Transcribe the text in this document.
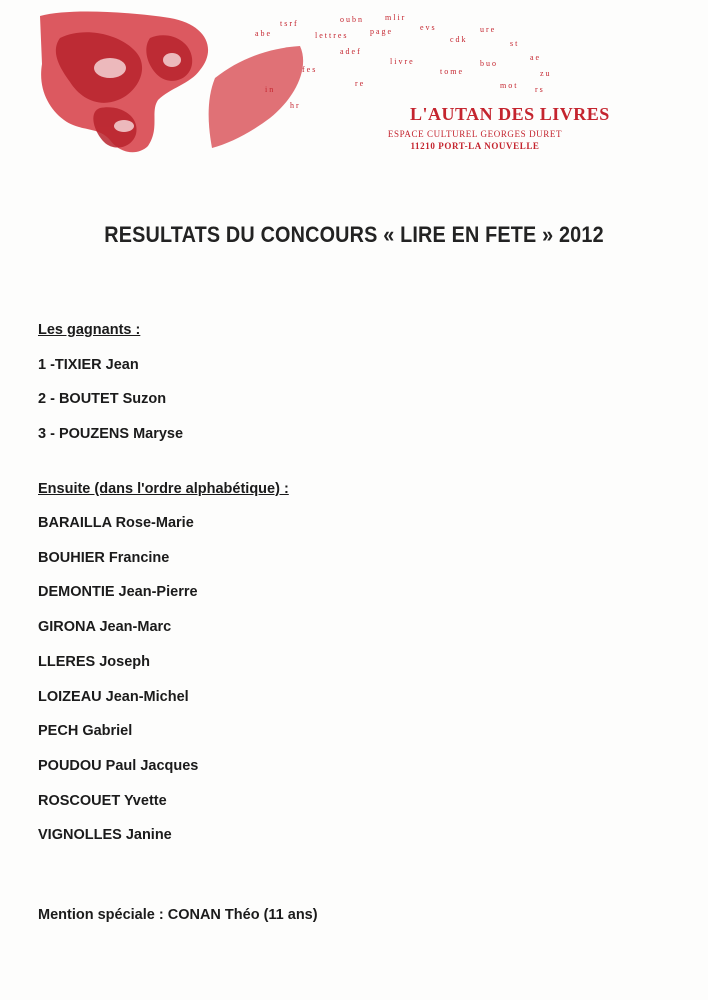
a b e
t s r f
l e t t r e s
o u b n
p a g e
m l i r
e v s
c d k
u r e
s t
a e
z u
r s
a d e f
l i v r e
t o m e
b u o
f e s
r e	m o t
i n
h r	L'AUTAN DES LIVRES
ESPACE CULTUREL GEORGES DURET
11210 PORT-LA NOUVELLE
RESULTATS DU CONCOURS « LIRE EN FETE » 2012

Les gagnants :

1 -TIXIER Jean

2 - BOUTET Suzon

3 - POUZENS Maryse

Ensuite (dans l'ordre alphabétique) :

BARAILLA Rose-Marie

BOUHIER Francine

DEMONTIE Jean-Pierre

GIRONA Jean-Marc

LLERES Joseph

LOIZEAU Jean-Michel

PECH Gabriel

POUDOU Paul Jacques

ROSCOUET Yvette

VIGNOLLES Janine

Mention spéciale : CONAN Théo (11 ans)
